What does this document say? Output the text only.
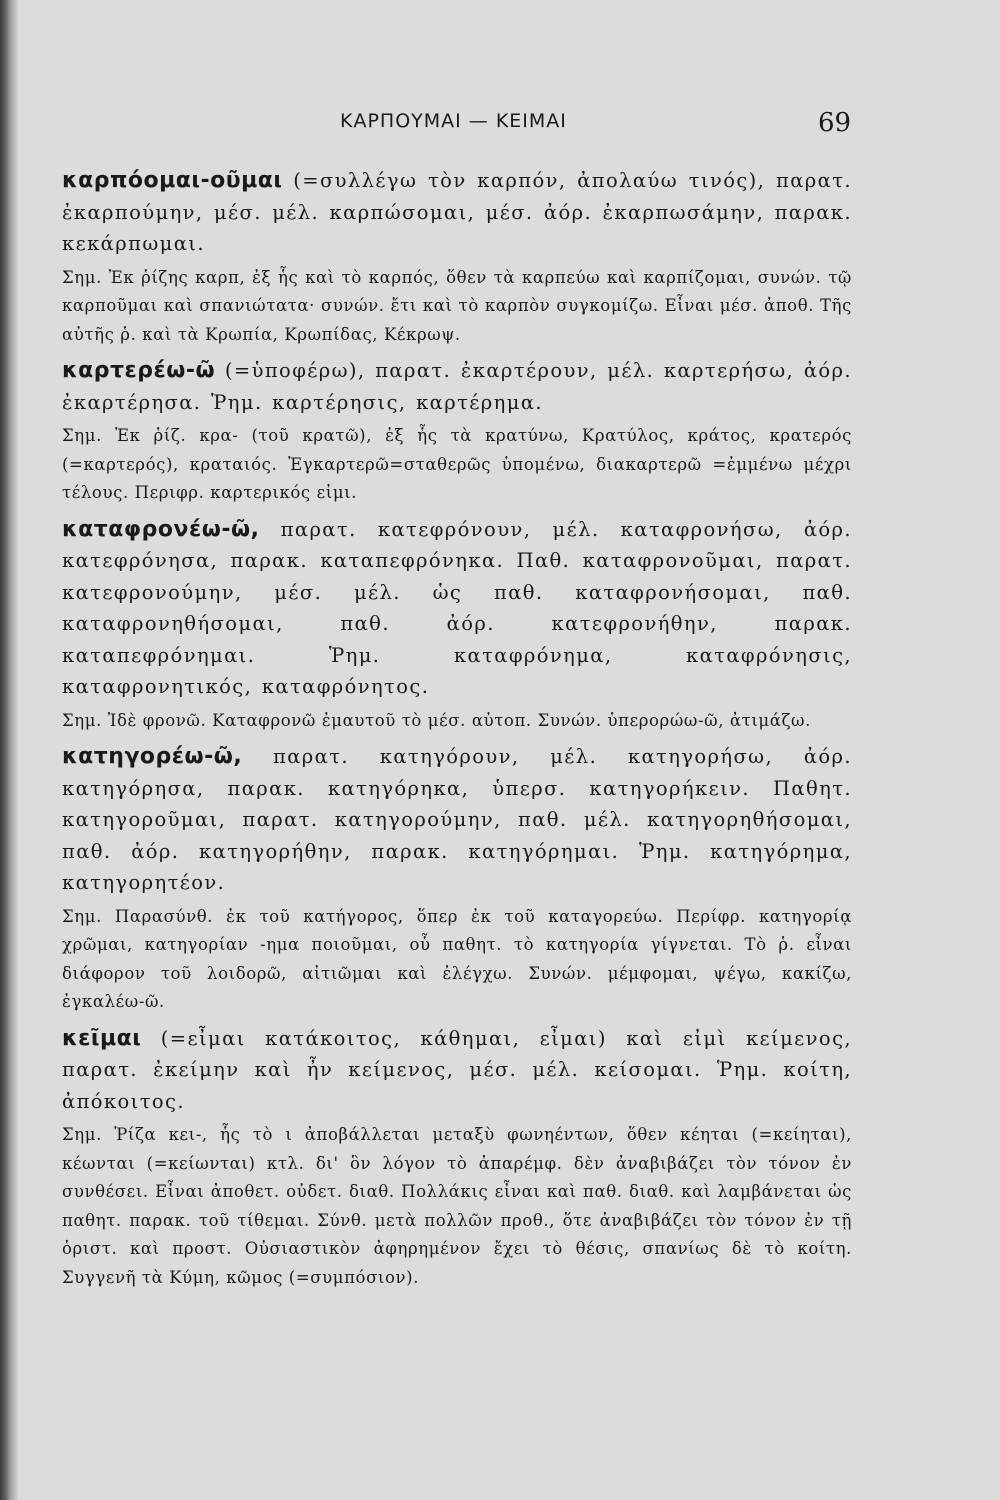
ΚΑΡΠΟΥΜΑΙ — ΚΕΙΜΑΙ	69

καρπόομαι-οῦμαι (=συλλέγω τὸν καρπόν, ἀπολαύω τινός), παρατ. ἐκαρπούμην, μέσ. μέλ. καρπώσομαι, μέσ. ἀόρ. ἐκαρπωσάμην, παρακ. κεκάρπωμαι.

Σημ. Ἐκ ῥίζης καρπ, ἐξ ἧς καὶ τὸ καρπός, ὅθεν τὰ καρπεύω καὶ καρπίζομαι, συνών. τῷ καρποῦμαι καὶ σπανιώτατα· συνών. ἔτι καὶ τὸ καρπὸν συγκομίζω. Εἶναι μέσ. ἀποθ. Τῆς αὐτῆς ῥ. καὶ τὰ Κρωπία, Κρωπίδας, Κέκρωψ.

καρτερέω-ῶ (=ὑποφέρω), παρατ. ἐκαρτέρουν, μέλ. καρτερήσω, ἀόρ. ἐκαρτέρησα. Ῥημ. καρτέρησις, καρτέρημα.

Σημ. Ἐκ ῥίζ. κρα- (τοῦ κρατῶ), ἐξ ἧς τὰ κρατύνω, Κρατύλος, κράτος, κρατερός (=καρτερός), κραταιός. Ἐγκαρτερῶ=σταθερῶς ὑπομένω, διακαρτερῶ =ἐμμένω μέχρι τέλους. Περιφρ. καρτερικός εἰμι.

καταφρονέω-ῶ, παρατ. κατεφρόνουν, μέλ. καταφρονήσω, ἀόρ. κατεφρόνησα, παρακ. καταπεφρόνηκα. Παθ. καταφρονοῦμαι, παρατ. κατεφρονούμην, μέσ. μέλ. ὡς παθ. καταφρονήσομαι, παθ. καταφρονηθήσομαι, παθ. ἀόρ. κατεφρονήθην, παρακ. καταπεφρόνημαι. Ῥημ. καταφρόνημα, καταφρόνησις, καταφρονητικός, καταφρόνητος.

Σημ. Ἰδὲ φρονῶ. Καταφρονῶ ἐμαυτοῦ τὸ μέσ. αὐτοπ. Συνών. ὑπερορώω-ῶ, ἀτιμάζω.

κατηγορέω-ῶ, παρατ. κατηγόρουν, μέλ. κατηγορήσω, ἀόρ. κατηγόρησα, παρακ. κατηγόρηκα, ὑπερσ. κατηγορήκειν. Παθητ. κατηγοροῦμαι, παρατ. κατηγορούμην, παθ. μέλ. κατηγορηθήσομαι, παθ. ἀόρ. κατηγορήθην, παρακ. κατηγόρημαι. Ῥημ. κατηγόρημα, κατηγορητέον.

Σημ. Παρασύνθ. ἐκ τοῦ κατήγορος, ὅπερ ἐκ τοῦ καταγορεύω. Περίφρ. κατηγορίᾳ χρῶμαι, κατηγορίαν -ημα ποιοῦμαι, οὗ παθητ. τὸ κατηγορία γίγνεται. Τὸ ῥ. εἶναι διάφορον τοῦ λοιδορῶ, αἰτιῶμαι καὶ ἐλέγχω. Συνών. μέμφομαι, ψέγω, κακίζω, ἐγκαλέω-ῶ.

κεῖμαι (=εἶμαι κατάκοιτος, κάθημαι, εἶμαι) καὶ εἰμὶ κείμενος, παρατ. ἐκείμην καὶ ἦν κείμενος, μέσ. μέλ. κείσομαι. Ῥημ. κοίτη, ἀπόκοιτος.

Σημ. Ῥίζα κει-, ἧς τὸ ι ἀποβάλλεται μεταξὺ φωνηέντων, ὅθεν κέηται (=κείηται), κέωνται (=κείωνται) κτλ. δι' ὃν λόγον τὸ ἀπαρέμφ. δὲν ἀναβιβάζει τὸν τόνον ἐν συνθέσει. Εἶναι ἀποθετ. οὐδετ. διαθ. Πολλάκις εἶναι καὶ παθ. διαθ. καὶ λαμβάνεται ὡς παθητ. παρακ. τοῦ τίθεμαι. Σύνθ. μετὰ πολλῶν προθ., ὅτε ἀναβιβάζει τὸν τόνον ἐν τῇ ὁριστ. καὶ προστ. Οὐσιαστικὸν ἀφηρημένον ἔχει τὸ θέσις, σπανίως δὲ τὸ κοίτη. Συγγενῆ τὰ Κύμη, κῶμος (=συμπόσιον).
